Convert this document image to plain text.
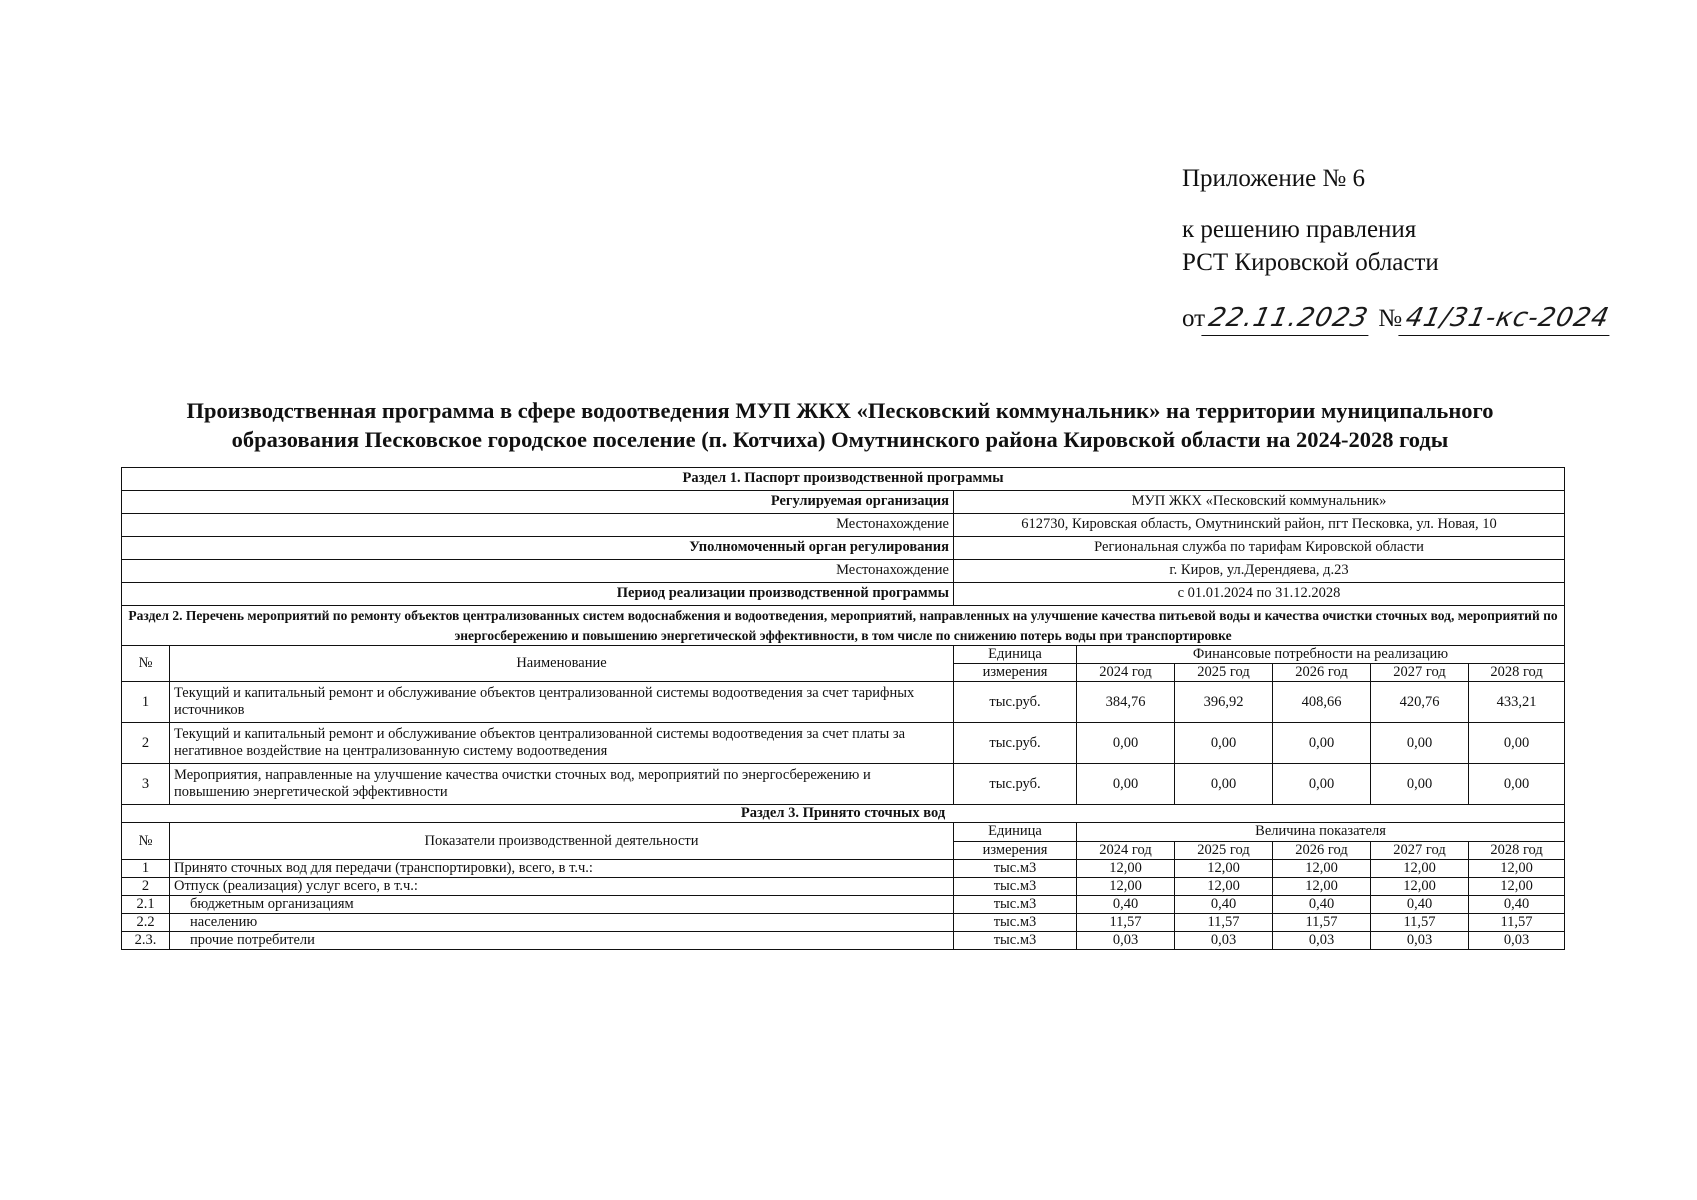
Приложение № 6
к решению правления
РСТ Кировской области
от22.11.2023 №41/31-кс-2024
Производственная программа в сфере водоотведения МУП ЖКХ «Песковский коммунальник» на территории муниципального
образования Песковское городское поселение (п. Котчиха) Омутнинского района Кировской области на 2024-2028 годы
Раздел 1. Паспорт производственной программы							
Регулируемая организация		МУП ЖКХ «Песковский коммунальник»					
Местонахождение		612730, Кировская область, Омутнинский район, пгт Песковка, ул. Новая, 10					
Уполномоченный орган регулирования		Региональная служба по тарифам Кировской области					
Местонахождение		г. Киров, ул.Дерендяева, д.23					
Период реализации производственной программы		с 01.01.2024 по 31.12.2028					
Раздел 2. Перечень мероприятий по ремонту объектов централизованных систем водоснабжения и водоотведения, мероприятий, направленных на улучшение качества питьевой воды и качества очистки сточных вод, мероприятий по энергосбережению и повышению энергетической эффективности, в том числе по снижению потерь воды при транспортировке							
№	Наименование	Единица	Финансовые потребности на реализацию				
		измерения	2024 год	2025 год	2026 год	2027 год	2028 год
1	Текущий и капитальный ремонт и обслуживание объектов централизованной системы водоотведения за счет тарифных источников	тыс.руб.	384,76	396,92	408,66	420,76	433,21
2	Текущий и капитальный ремонт и обслуживание объектов централизованной системы водоотведения за счет платы за негативное воздействие на централизованную систему водоотведения	тыс.руб.	0,00	0,00	0,00	0,00	0,00
3	Мероприятия, направленные на улучшение качества очистки сточных вод, мероприятий по энергосбережению и повышению энергетической эффективности	тыс.руб.	0,00	0,00	0,00	0,00	0,00
Раздел 3. Принято сточных вод							
№	Показатели производственной деятельности	Единица	Величина показателя				
		измерения	2024 год	2025 год	2026 год	2027 год	2028 год
1	Принято сточных вод для передачи (транспортировки), всего, в т.ч.:	тыс.м3	12,00	12,00	12,00	12,00	12,00
2	Отпуск (реализация) услуг всего, в т.ч.:	тыс.м3	12,00	12,00	12,00	12,00	12,00
2.1	бюджетным организациям	тыс.м3	0,40	0,40	0,40	0,40	0,40
2.2	населению	тыс.м3	11,57	11,57	11,57	11,57	11,57
2.3.	прочие потребители	тыс.м3	0,03	0,03	0,03	0,03	0,03
